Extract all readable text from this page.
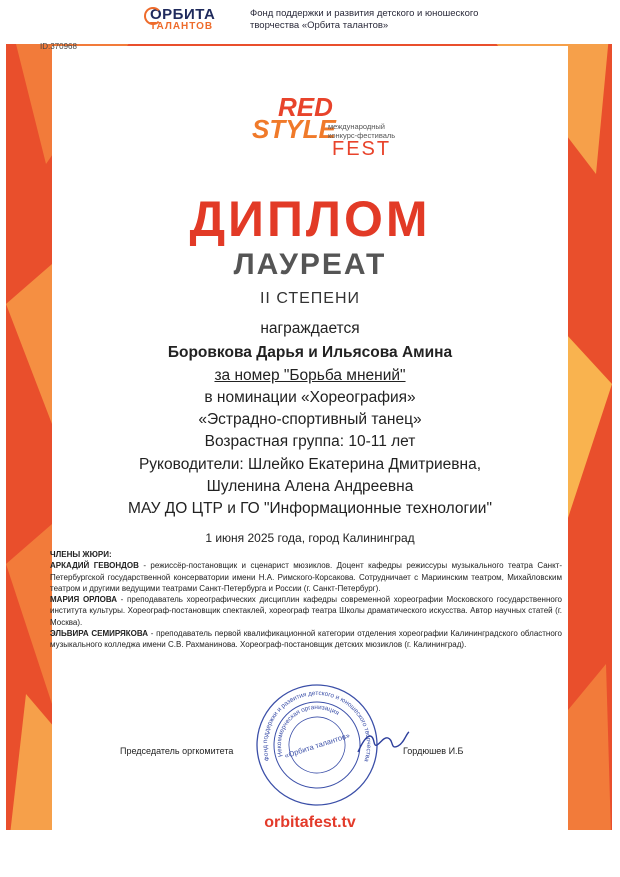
ОРБИТА
ТАЛАНТОВ
Фонд поддержки и развития детского и юношеского творчества «Орбита талантов»
ID:370968
RED
STYLE
международный
конкурс-фестиваль
FEST
ДИПЛОМ
ЛАУРЕАТ
II СТЕПЕНИ
награждается
Боровкова Дарья и Ильясова Амина
за номер "Борьба мнений"
в номинации «Хореография»
«Эстрадно-спортивный танец»
Возрастная группа: 10-11 лет
Руководители: Шлейко Екатерина Дмитриевна,
Шуленина Алена Андреевна
МАУ ДО ЦТР и ГО "Информационные технологии"
1 июня 2025 года, город Калининград
ЧЛЕНЫ ЖЮРИ:
АРКАДИЙ ГЕВОНДОВ - режиссёр-постановщик и сценарист мюзиклов. Доцент кафедры режиссуры музыкального театра Санкт-Петербургской государственной консерватории имени Н.А. Римского-Корсакова. Сотрудничает с Мариинским театром, Михайловским театром и другими ведущими театрами Санкт-Петербурга и России (г. Санкт-Петербург).
МАРИЯ ОРЛОВА - преподаватель хореографических дисциплин кафедры современной хореографии Московского государственного института культуры. Хореограф-постановщик спектаклей, хореограф театра Школы драматического искусства. Автор научных статей (г. Москва).
ЭЛЬВИРА СЕМИРЯКОВА - преподаватель первой квалификационной категории отделения хореографии Калининградского областного музыкального колледжа имени С.В. Рахманинова. Хореограф-постановщик детских мюзиклов (г. Калининград).
Фонд поддержки и развития детского и юношеского творчества
Некоммерческая организация
«Орбита талантов»
Председатель оргкомитета	Гордюшев И.Б
orbitafest.tv
